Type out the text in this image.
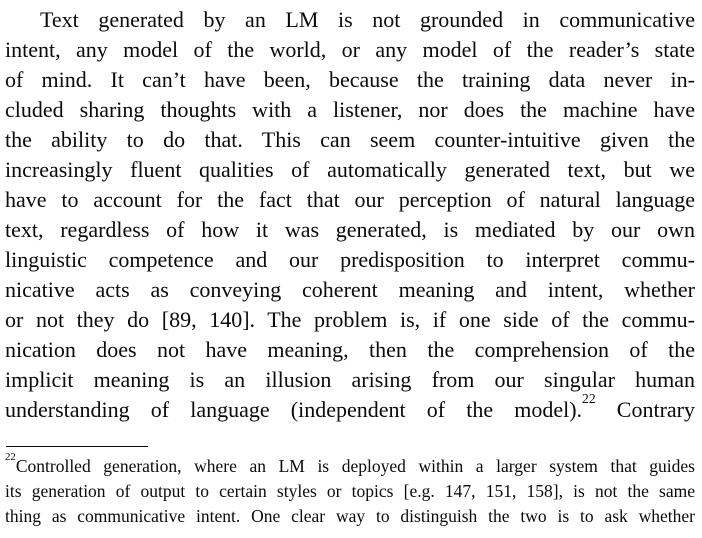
Text generated by an LM is not grounded in communicative
intent, any model of the world, or any model of the reader’s state
of mind. It can’t have been, because the training data never in-
cluded sharing thoughts with a listener, nor does the machine have
the ability to do that. This can seem counter-intuitive given the
increasingly fluent qualities of automatically generated text, but we
have to account for the fact that our perception of natural language
text, regardless of how it was generated, is mediated by our own
linguistic competence and our predisposition to interpret commu-
nicative acts as conveying coherent meaning and intent, whether
or not they do [89, 140]. The problem is, if one side of the commu-
nication does not have meaning, then the comprehension of the
implicit meaning is an illusion arising from our singular human
understanding of language (independent of the model).$^{22}$ Contrary
$^{22}$Controlled generation, where an LM is deployed within a larger system that guides
its generation of output to certain styles or topics [e.g. 147, 151, 158], is not the same
thing as communicative intent. One clear way to distinguish the two is to ask whether
